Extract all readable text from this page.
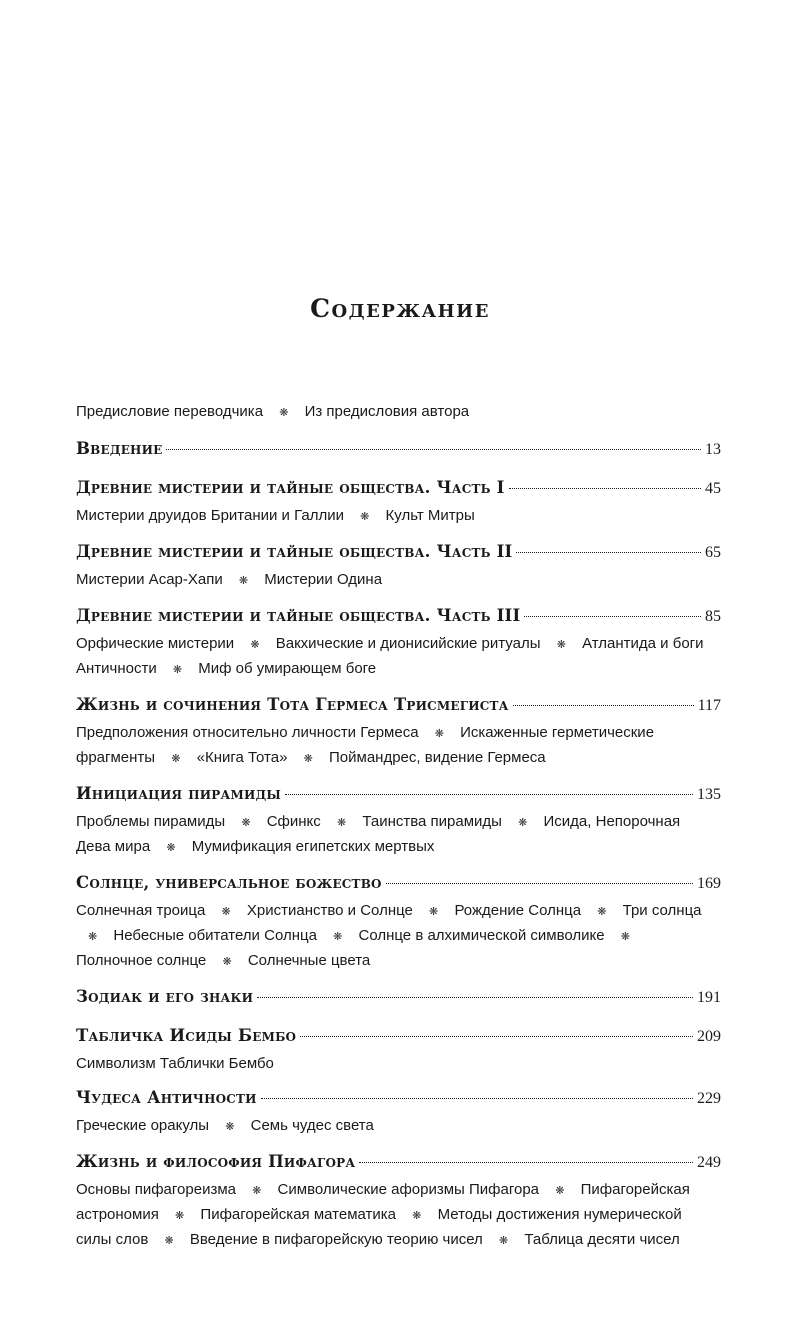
Содержание
Предисловие переводчика ❋ Из предисловия автора
Введение	13
Древние мистерии и тайные общества. Часть I	45
Мистерии друидов Британии и Галлии ❋ Культ Митры
Древние мистерии и тайные общества. Часть II	65
Мистерии Асар-Хапи ❋ Мистерии Одина
Древние мистерии и тайные общества. Часть III	85
Орфические мистерии ❋ Вакхические и дионисийские ритуалы ❋ Атлантида и боги Античности ❋ Миф об умирающем боге
Жизнь и сочинения Тота Гермеса Трисмегиста	117
Предположения относительно личности Гермеса ❋ Искаженные герметические фрагменты ❋ «Книга Тота» ❋ Поймандрес, видение Гермеса
Инициация пирамиды	135
Проблемы пирамиды ❋ Сфинкс ❋ Таинства пирамиды ❋ Исида, Непорочная Дева мира ❋ Мумификация египетских мертвых
Солнце, универсальное божество	169
Солнечная троица ❋ Христианство и Солнце ❋ Рождение Солнца ❋ Три солнца ❋ Небесные обитатели Солнца ❋ Солнце в алхимической символике ❋ Полночное солнце ❋ Солнечные цвета
Зодиак и его знаки	191
Табличка Исиды Бембо	209
Символизм Таблички Бембо
Чудеса Античности	229
Греческие оракулы ❋ Семь чудес света
Жизнь и философия Пифагора	249
Основы пифагореизма ❋ Символические афоризмы Пифагора ❋ Пифагорейская астрономия ❋ Пифагорейская математика ❋ Методы достижения нумерической силы слов ❋ Введение в пифагорейскую теорию чисел ❋ Таблица десяти чисел
